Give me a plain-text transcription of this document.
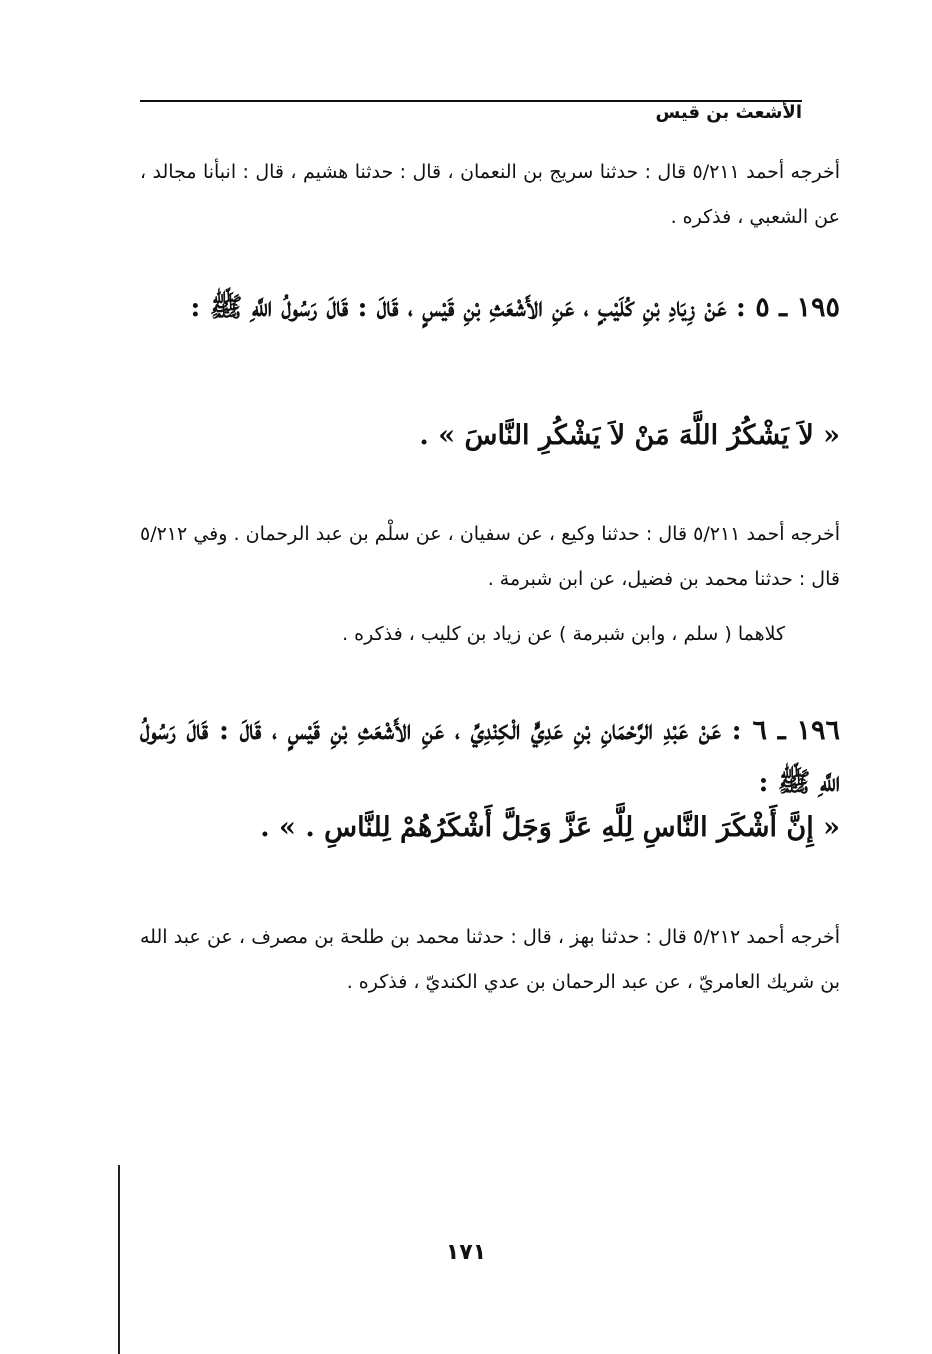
الأشعث بن قيس
أخرجه أحمد ٥/٢١١ قال : حدثنا سريج بن النعمان ، قال : حدثنا هشيم ، قال : انبأنا مجالد ، عن الشعبي ، فذكره .
١٩٥ ـ ٥ : عَنْ زِيَادِ بْنِ كُلَيْبٍ ، عَنِ الأَشْعَثِ بْنِ قَيْسٍ ، قَالَ : قَالَ رَسُولُ اللَّهِ ﷺ :
« لاَ يَشْكُرُ اللَّهَ مَنْ لاَ يَشْكُرِ النَّاسَ » .
أخرجه أحمد ٥/٢١١ قال : حدثنا وكيع ، عن سفيان ، عن سلْم بن عبد الرحمان . وفي ٥/٢١٢ قال : حدثنا محمد بن فضيل، عن ابن شبرمة .
كلاهما ( سلم ، وابن شبرمة ) عن زياد بن كليب ، فذكره .
١٩٦ ـ ٦ : عَنْ عَبْدِ الرَّحْمَانِ بْنِ عَدِيٍّ الْكِنْدِيِّ ، عَنِ الأَشْعَثِ بْنِ قَيْسٍ ، قَالَ : قَالَ رَسُولُ اللَّهِ ﷺ :
« إِنَّ أَشْكَرَ النَّاسِ لِلَّهِ عَزَّ وَجَلَّ أَشْكَرُهُمْ لِلنَّاسِ . » .
أخرجه أحمد ٥/٢١٢ قال : حدثنا بهز ، قال : حدثنا محمد بن طلحة بن مصرف ، عن عبد الله بن شريك العامريّ ، عن عبد الرحمان بن عدي الكنديّ ، فذكره .
١٧١
